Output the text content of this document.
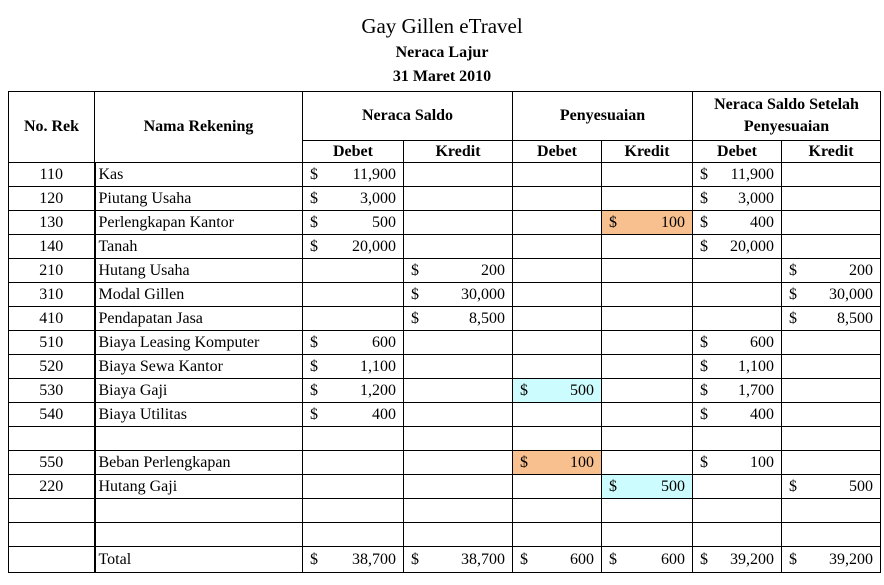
Gay Gillen eTravel
Neraca Lajur
31 Maret 2010
No. Rek	Nama Rekening	Neraca Saldo		Penyesuaian		Neraca Saldo Setelah Penyesuaian	
		Debet	Kredit	Debet	Kredit	Debet	Kredit
110	Kas	$ 11,900				$ 11,900	

120	Piutang Usaha	$ 3,000				$ 3,000	

130	Perlengkapan Kantor	$ 500			$ 100	$ 400	

140	Tanah	$ 20,000				$ 20,000	

210	Hutang Usaha		$ 200				$ 200

310	Modal Gillen		$ 30,000				$ 30,000

410	Pendapatan Jasa		$ 8,500				$ 8,500

510	Biaya Leasing Komputer	$ 600				$ 600	

520	Biaya Sewa Kantor	$ 1,100				$ 1,100	

530	Biaya Gaji	$ 1,200		$ 500		$ 1,700	

540	Biaya Utilitas	$ 400				$ 400	

550	Beban Perlengkapan			$ 100		$ 100	

220	Hutang Gaji				$ 500		$ 500

	Total	$ 38,700	$ 38,700	$ 600	$ 600	$ 39,200	$ 39,200
